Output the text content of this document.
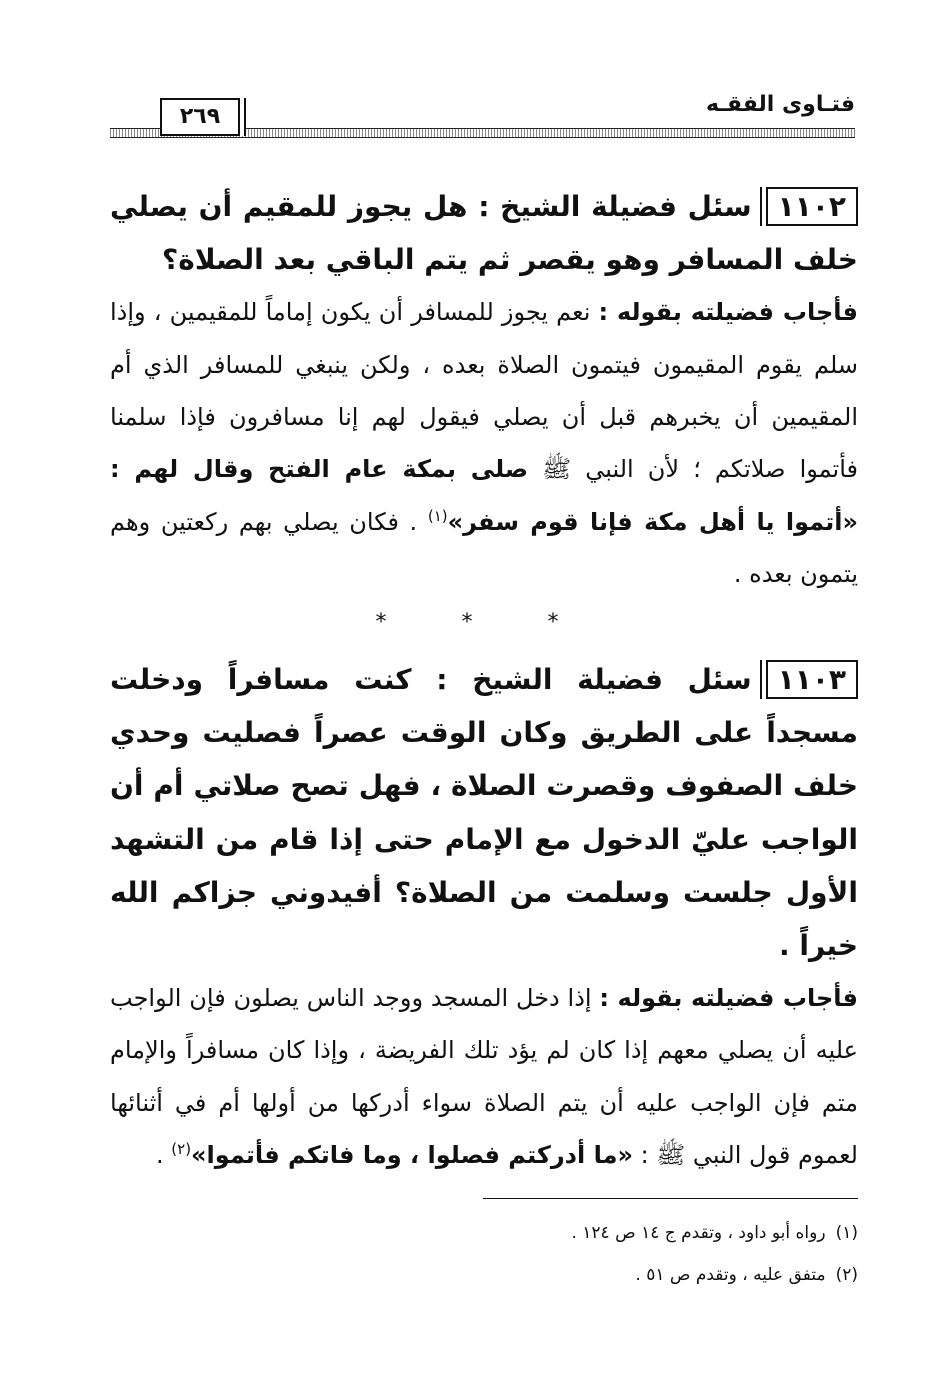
فتـاوى الفقـه
٢٦٩

١١٠٢سئل فضيلة الشيخ : هل يجوز للمقيم أن يصلي خلف المسافر وهو يقصر ثم يتم الباقي بعد الصلاة؟

فأجاب فضيلته بقوله : نعم يجوز للمسافر أن يكون إماماً للمقيمين ، وإذا سلم يقوم المقيمون فيتمون الصلاة بعده ، ولكن ينبغي للمسافر الذي أم المقيمين أن يخبرهم قبل أن يصلي فيقول لهم إنا مسافرون فإذا سلمنا فأتموا صلاتكم ؛ لأن النبي ﷺ صلى بمكة عام الفتح وقال لهم : «أتموا يا أهل مكة فإنا قوم سفر»$^{(١)}$ . فكان يصلي بهم ركعتين وهم يتمون بعده .

* * *

١١٠٣سئل فضيلة الشيخ : كنت مسافراً ودخلت مسجداً على الطريق وكان الوقت عصراً فصليت وحدي خلف الصفوف وقصرت الصلاة ، فهل تصح صلاتي أم أن الواجب عليّ الدخول مع الإمام حتى إذا قام من التشهد الأول جلست وسلمت من الصلاة؟ أفيدوني جزاكم الله خيراً .

فأجاب فضيلته بقوله : إذا دخل المسجد ووجد الناس يصلون فإن الواجب عليه أن يصلي معهم إذا كان لم يؤد تلك الفريضة ، وإذا كان مسافراً والإمام متم فإن الواجب عليه أن يتم الصلاة سواء أدركها من أولها أم في أثنائها لعموم قول النبي ﷺ : «ما أدركتم فصلوا ، وما فاتكم فأتموا»$^{(٢)}$ .

(١)رواه أبو داود ، وتقدم ج ١٤ ص ١٢٤ .

(٢)متفق عليه ، وتقدم ص ٥١ .
